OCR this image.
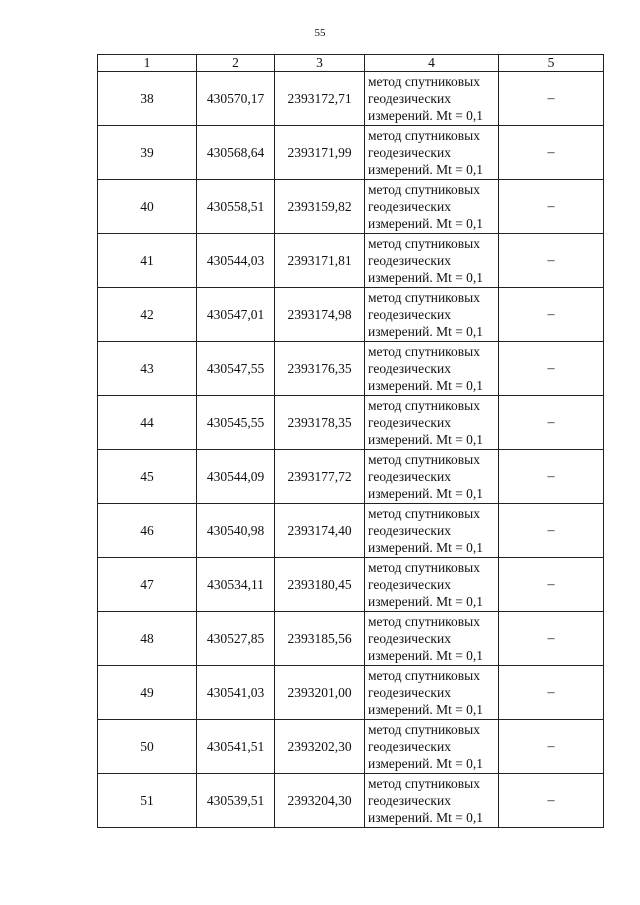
55
1	2	3	4	5
38	430570,17	2393172,71	метод спутниковых
геодезических
измерений. Mt = 0,1	–
39	430568,64	2393171,99	метод спутниковых
геодезических
измерений. Mt = 0,1	–
40	430558,51	2393159,82	метод спутниковых
геодезических
измерений. Mt = 0,1	–
41	430544,03	2393171,81	метод спутниковых
геодезических
измерений. Mt = 0,1	–
42	430547,01	2393174,98	метод спутниковых
геодезических
измерений. Mt = 0,1	–
43	430547,55	2393176,35	метод спутниковых
геодезических
измерений. Mt = 0,1	–
44	430545,55	2393178,35	метод спутниковых
геодезических
измерений. Mt = 0,1	–
45	430544,09	2393177,72	метод спутниковых
геодезических
измерений. Mt = 0,1	–
46	430540,98	2393174,40	метод спутниковых
геодезических
измерений. Mt = 0,1	–
47	430534,11	2393180,45	метод спутниковых
геодезических
измерений. Mt = 0,1	–
48	430527,85	2393185,56	метод спутниковых
геодезических
измерений. Mt = 0,1	–
49	430541,03	2393201,00	метод спутниковых
геодезических
измерений. Mt = 0,1	–
50	430541,51	2393202,30	метод спутниковых
геодезических
измерений. Mt = 0,1	–
51	430539,51	2393204,30	метод спутниковых
геодезических
измерений. Mt = 0,1	–
